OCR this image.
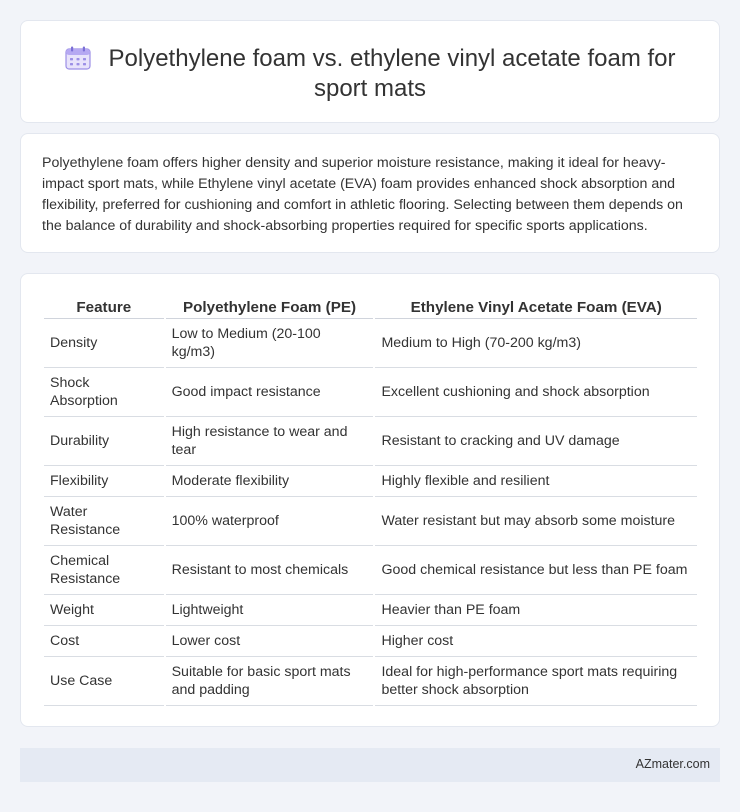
Polyethylene foam vs. ethylene vinyl acetate foam for sport mats

Polyethylene foam offers higher density and superior moisture resistance, making it ideal for heavy-impact sport mats, while Ethylene vinyl acetate (EVA) foam provides enhanced shock absorption and flexibility, preferred for cushioning and comfort in athletic flooring. Selecting between them depends on the balance of durability and shock-absorbing properties required for specific sports applications.

Feature	Polyethylene Foam (PE)	Ethylene Vinyl Acetate Foam (EVA)
Density	Low to Medium (20-100 kg/m3)	Medium to High (70-200 kg/m3)
Shock Absorption	Good impact resistance	Excellent cushioning and shock absorption
Durability	High resistance to wear and tear	Resistant to cracking and UV damage
Flexibility	Moderate flexibility	Highly flexible and resilient
Water Resistance	100% waterproof	Water resistant but may absorb some moisture
Chemical Resistance	Resistant to most chemicals	Good chemical resistance but less than PE foam
Weight	Lightweight	Heavier than PE foam
Cost	Lower cost	Higher cost
Use Case	Suitable for basic sport mats and padding	Ideal for high-performance sport mats requiring better shock absorption
AZmater.com
